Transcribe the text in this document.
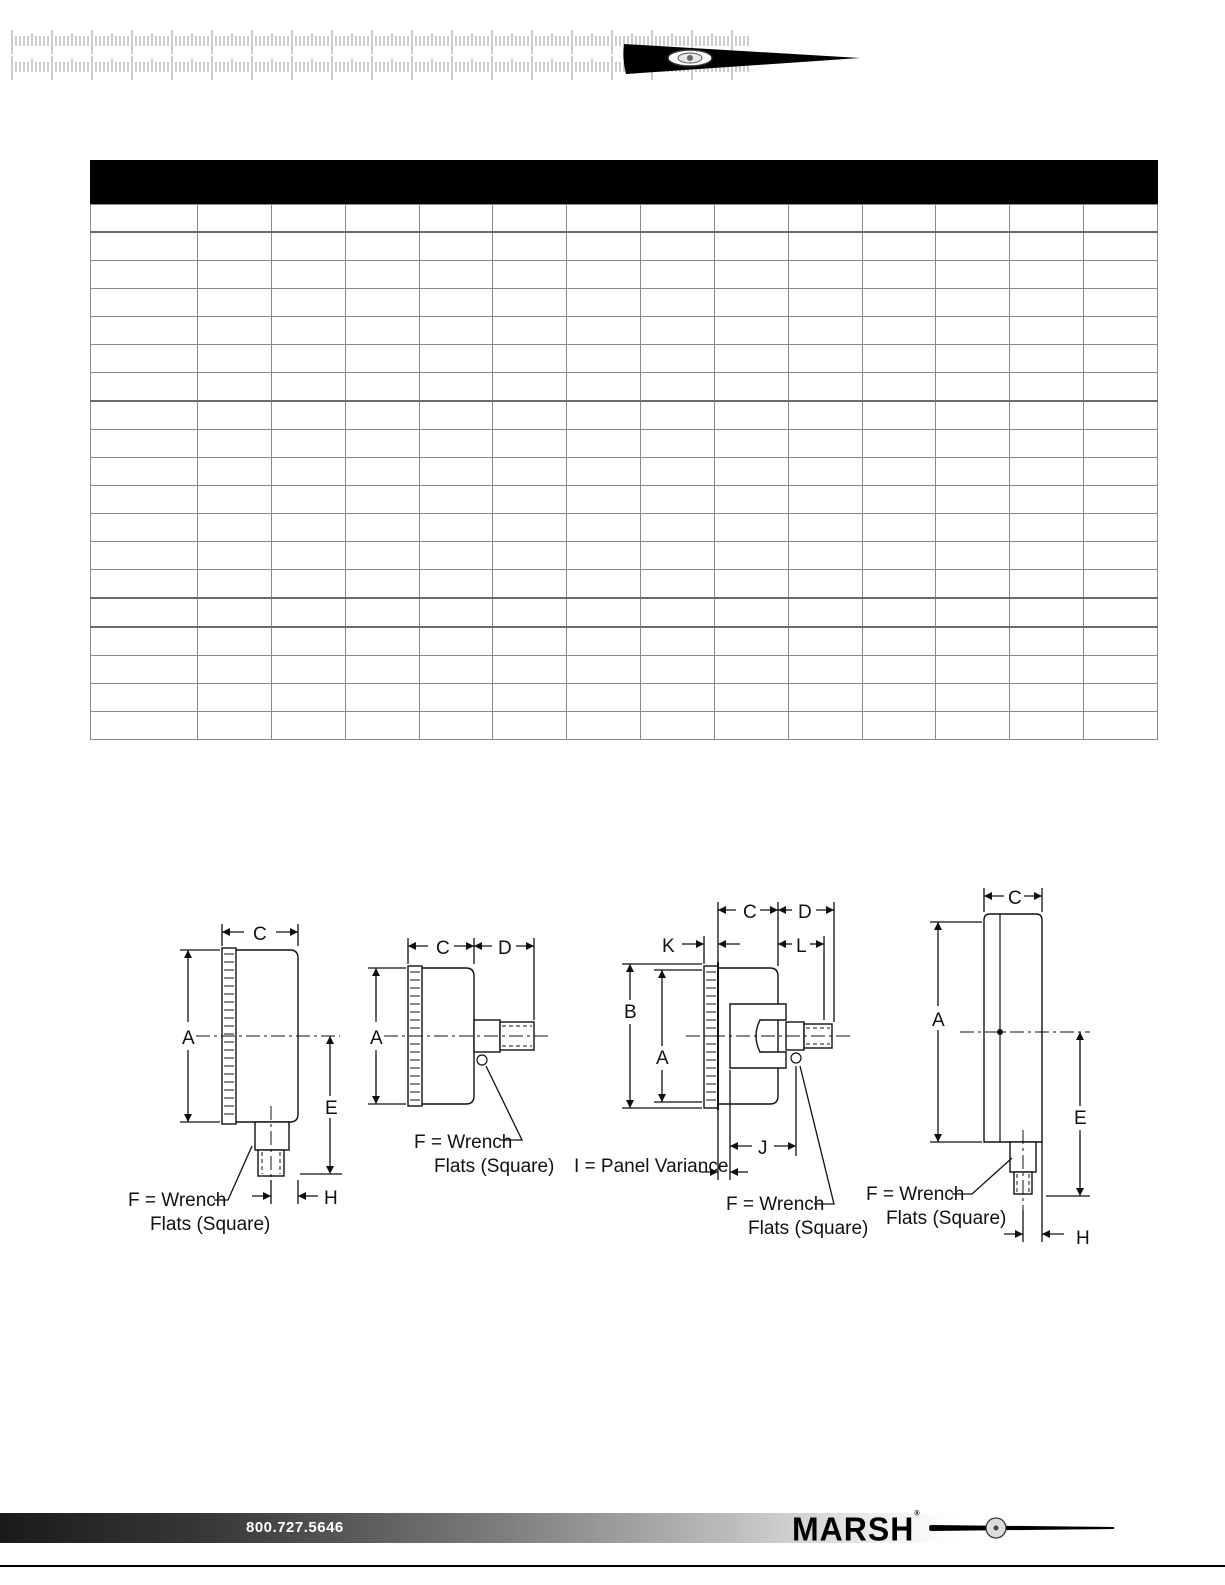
C
A
E
H
F = Wrench
Flats (Square)
C	D
A
F = Wrench
Flats (Square)
C D
K	L
B
A
J
I = Panel Variance
F = Wrench
Flats (Square)
C
A
E
H
F = Wrench
Flats (Square)
800.727.5646	MARSH®
